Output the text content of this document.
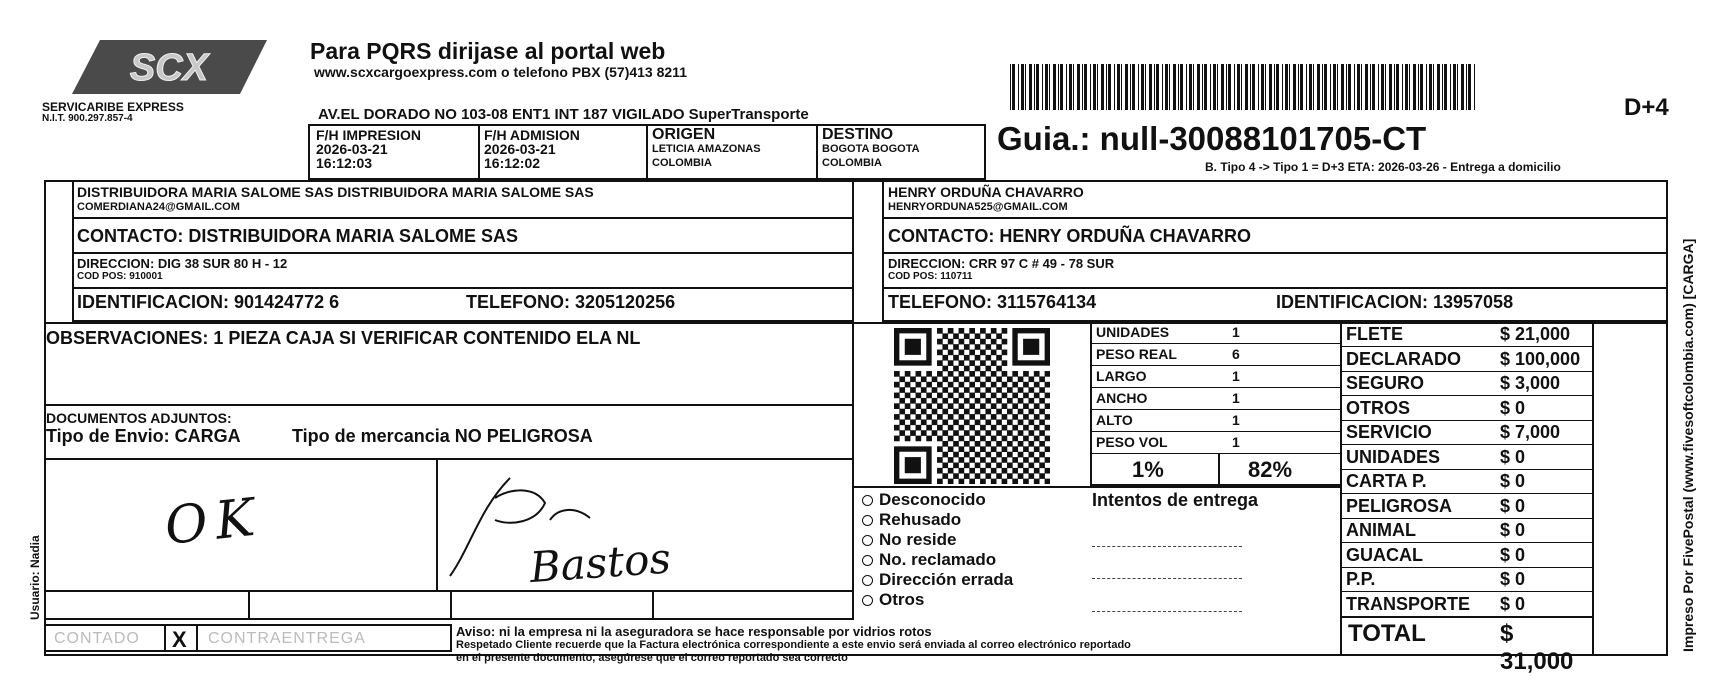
SCX
SERVICARIBE EXPRESS
N.I.T. 900.297.857-4
Para PQRS dirijase al portal web
www.scxcargoexpress.com o telefono PBX (57)413 8211
AV.EL DORADO NO 103-08 ENT1 INT 187 VIGILADO SuperTransporte	D+4
Guia.: null-30088101705-CT
B. Tipo 4 -> Tipo 1 = D+3 ETA: 2026-03-26 - Entrega a domicilio
F/H IMPRESION
2026-03-21
16:12:03
F/H ADMISION
2026-03-21
16:12:02
ORIGEN
LETICIA AMAZONAS
COLOMBIA
DESTINO
BOGOTA BOGOTA
COLOMBIA
DISTRIBUIDORA MARIA SALOME SAS DISTRIBUIDORA MARIA SALOME SAS
COMERDIANA24@GMAIL.COM
CONTACTO: DISTRIBUIDORA MARIA SALOME SAS
DIRECCION: DIG 38 SUR 80 H - 12
COD POS: 910001
IDENTIFICACION: 901424772 6	TELEFONO: 3205120256
HENRY ORDUÑA CHAVARRO
HENRYORDUNA525@GMAIL.COM
CONTACTO: HENRY ORDUÑA CHAVARRO
DIRECCION: CRR 97 C # 49 - 78 SUR
COD POS: 110711
TELEFONO: 3115764134	IDENTIFICACION: 13957058
OBSERVACIONES: 1 PIEZA CAJA SI VERIFICAR CONTENIDO ELA NL
DOCUMENTOS ADJUNTOS:
Tipo de Envio: CARGA	Tipo de mercancia NO PELIGROSA
OK
Bastos
UNIDADES	1
PESO REAL	6
LARGO	1
ANCHO	1
ALTO	1
PESO VOL	1
1%	82%
FLETE	$ 21,000
DECLARADO $ 100,000
SEGURO	$ 3,000
OTROS	$ 0
SERVICIO	$ 7,000
UNIDADES	$ 0
CARTA P.	$ 0
PELIGROSA	$ 0
ANIMAL	$ 0
GUACAL	$ 0
P.P.	$ 0
TRANSPORTE $ 0
TOTAL	$ 31,000
Desconocido
Rehusado
No reside
No. reclamado
Dirección errada
Otros
Intentos de entrega
CONTADO X CONTRAENTREGA	Aviso: ni la empresa ni la aseguradora se hace responsable por vidrios rotos
Respetado Cliente recuerde que la Factura electrónica correspondiente a este envio será enviada al correo electrónico reportado
en el presente documento, asegúrese que el correo reportado sea correcto
Usuario: Nadia	Impreso Por FivePostal (www.fivesoftcolombia.com) [CARGA]
